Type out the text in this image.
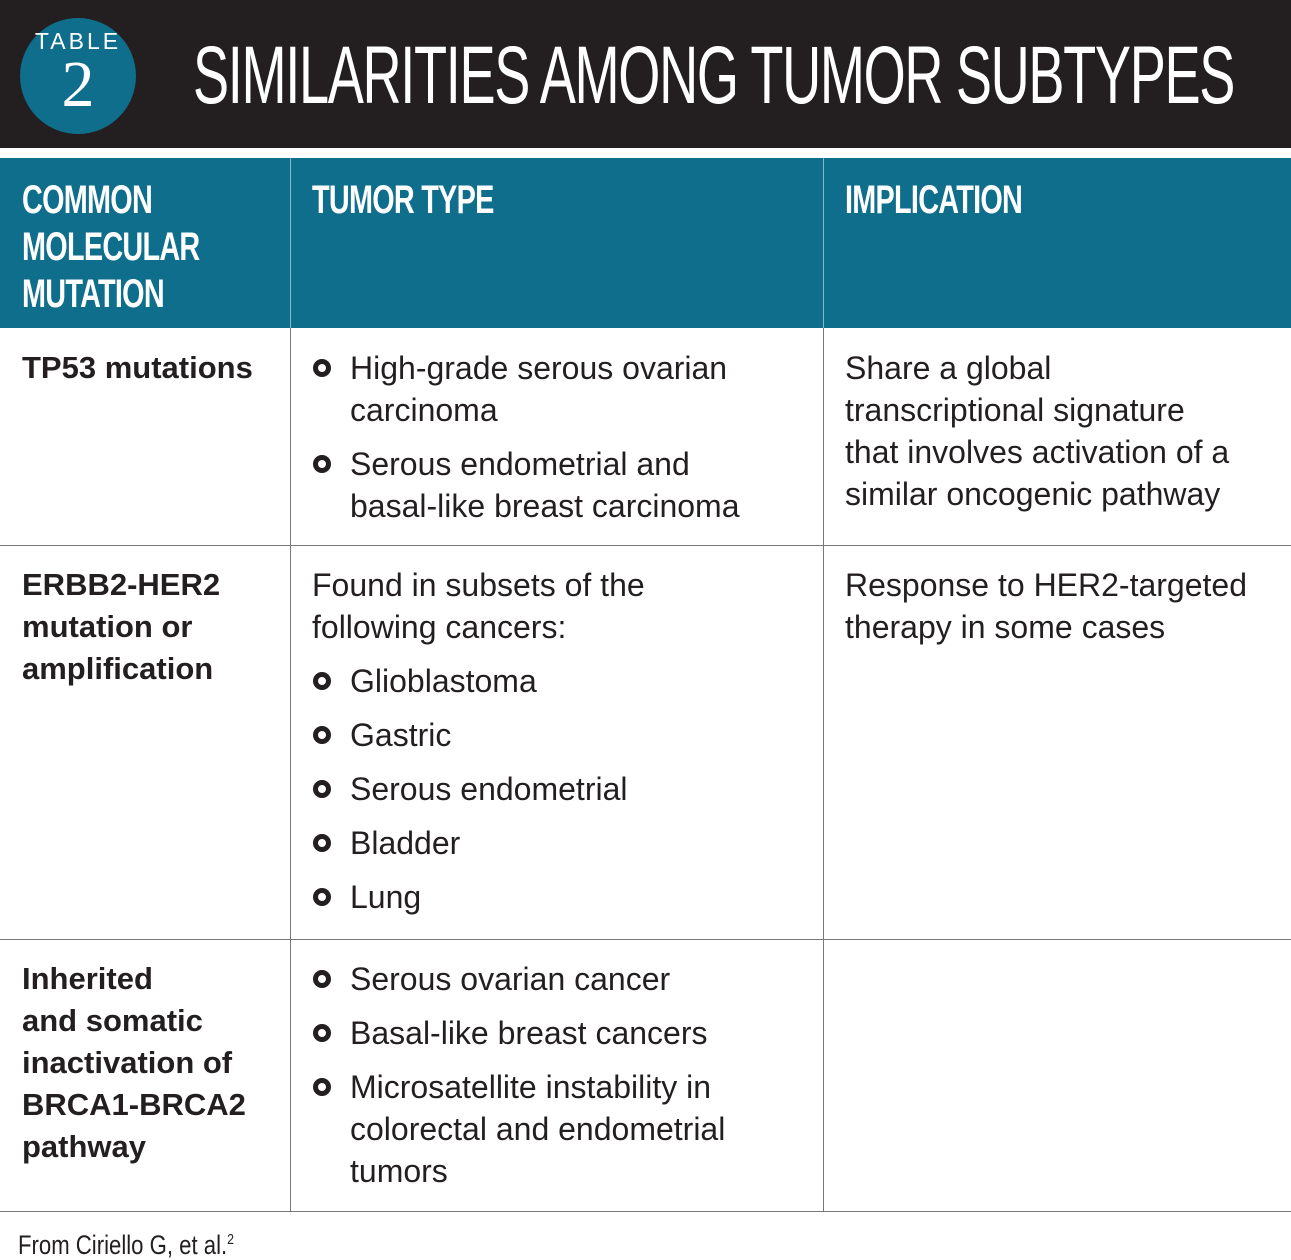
TABLE
2 SIMILARITIES AMONG TUMOR SUBTYPES
COMMON
MOLECULAR
MUTATION
TUMOR TYPE	IMPLICATION

TP53 mutations	High-grade serous ovarian

carcinoma

Serous endometrial and

basal-like breast carcinoma

Share a global

transcriptional signature

that involves activation of a

similar oncogenic pathway

ERBB2-HER2

mutation or

amplification

Found in subsets of the

following cancers:

Glioblastoma

Gastric

Serous endometrial

Bladder

Lung

Response to HER2-targeted

therapy in some cases

Inherited

and somatic

inactivation of

BRCA1-BRCA2

pathway

Serous ovarian cancer

Basal-like breast cancers

Microsatellite instability in

colorectal and endometrial

tumors

From Ciriello G, et al.$^2$
